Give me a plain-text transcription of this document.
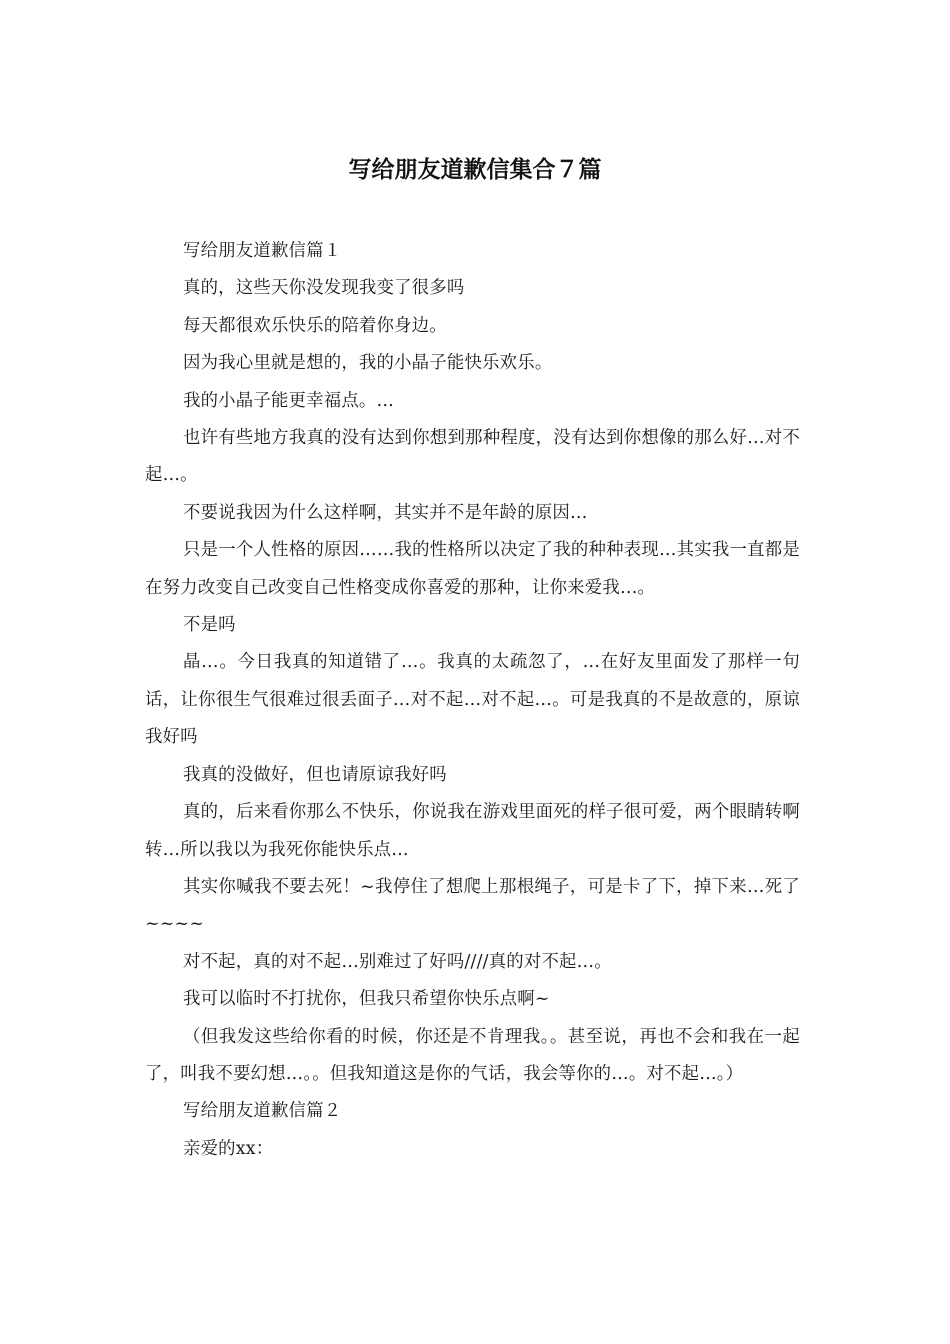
写给朋友道歉信集合７篇

写给朋友道歉信篇１

真的，这些天你没发现我变了很多吗

每天都很欢乐快乐的陪着你身边。

因为我心里就是想的，我的小晶子能快乐欢乐。

我的小晶子能更幸福点。…

也许有些地方我真的没有达到你想到那种程度，没有达到你想像的那么好…对不起…。

不要说我因为什么这样啊，其实并不是年龄的原因…

只是一个人性格的原因……我的性格所以决定了我的种种表现…其实我一直都是在努力改变自己改变自己性格变成你喜爱的那种，让你来爱我…。

不是吗

晶…。今日我真的知道错了…。我真的太疏忽了，…在好友里面发了那样一句话，让你很生气很难过很丢面子…对不起…对不起…。可是我真的不是故意的，原谅我好吗

我真的没做好，但也请原谅我好吗

真的，后来看你那么不快乐，你说我在游戏里面死的样子很可爱，两个眼睛转啊转…所以我以为我死你能快乐点…

其实你喊我不要去死！~我停住了想爬上那根绳子，可是卡了下，掉下来…死了~~~~

对不起，真的对不起…别难过了好吗////真的对不起…。

我可以临时不打扰你，但我只希望你快乐点啊~

（但我发这些给你看的时候，你还是不肯理我。。甚至说，再也不会和我在一起了，叫我不要幻想…。。但我知道这是你的气话，我会等你的…。对不起…。）

写给朋友道歉信篇２

亲爱的xx：
